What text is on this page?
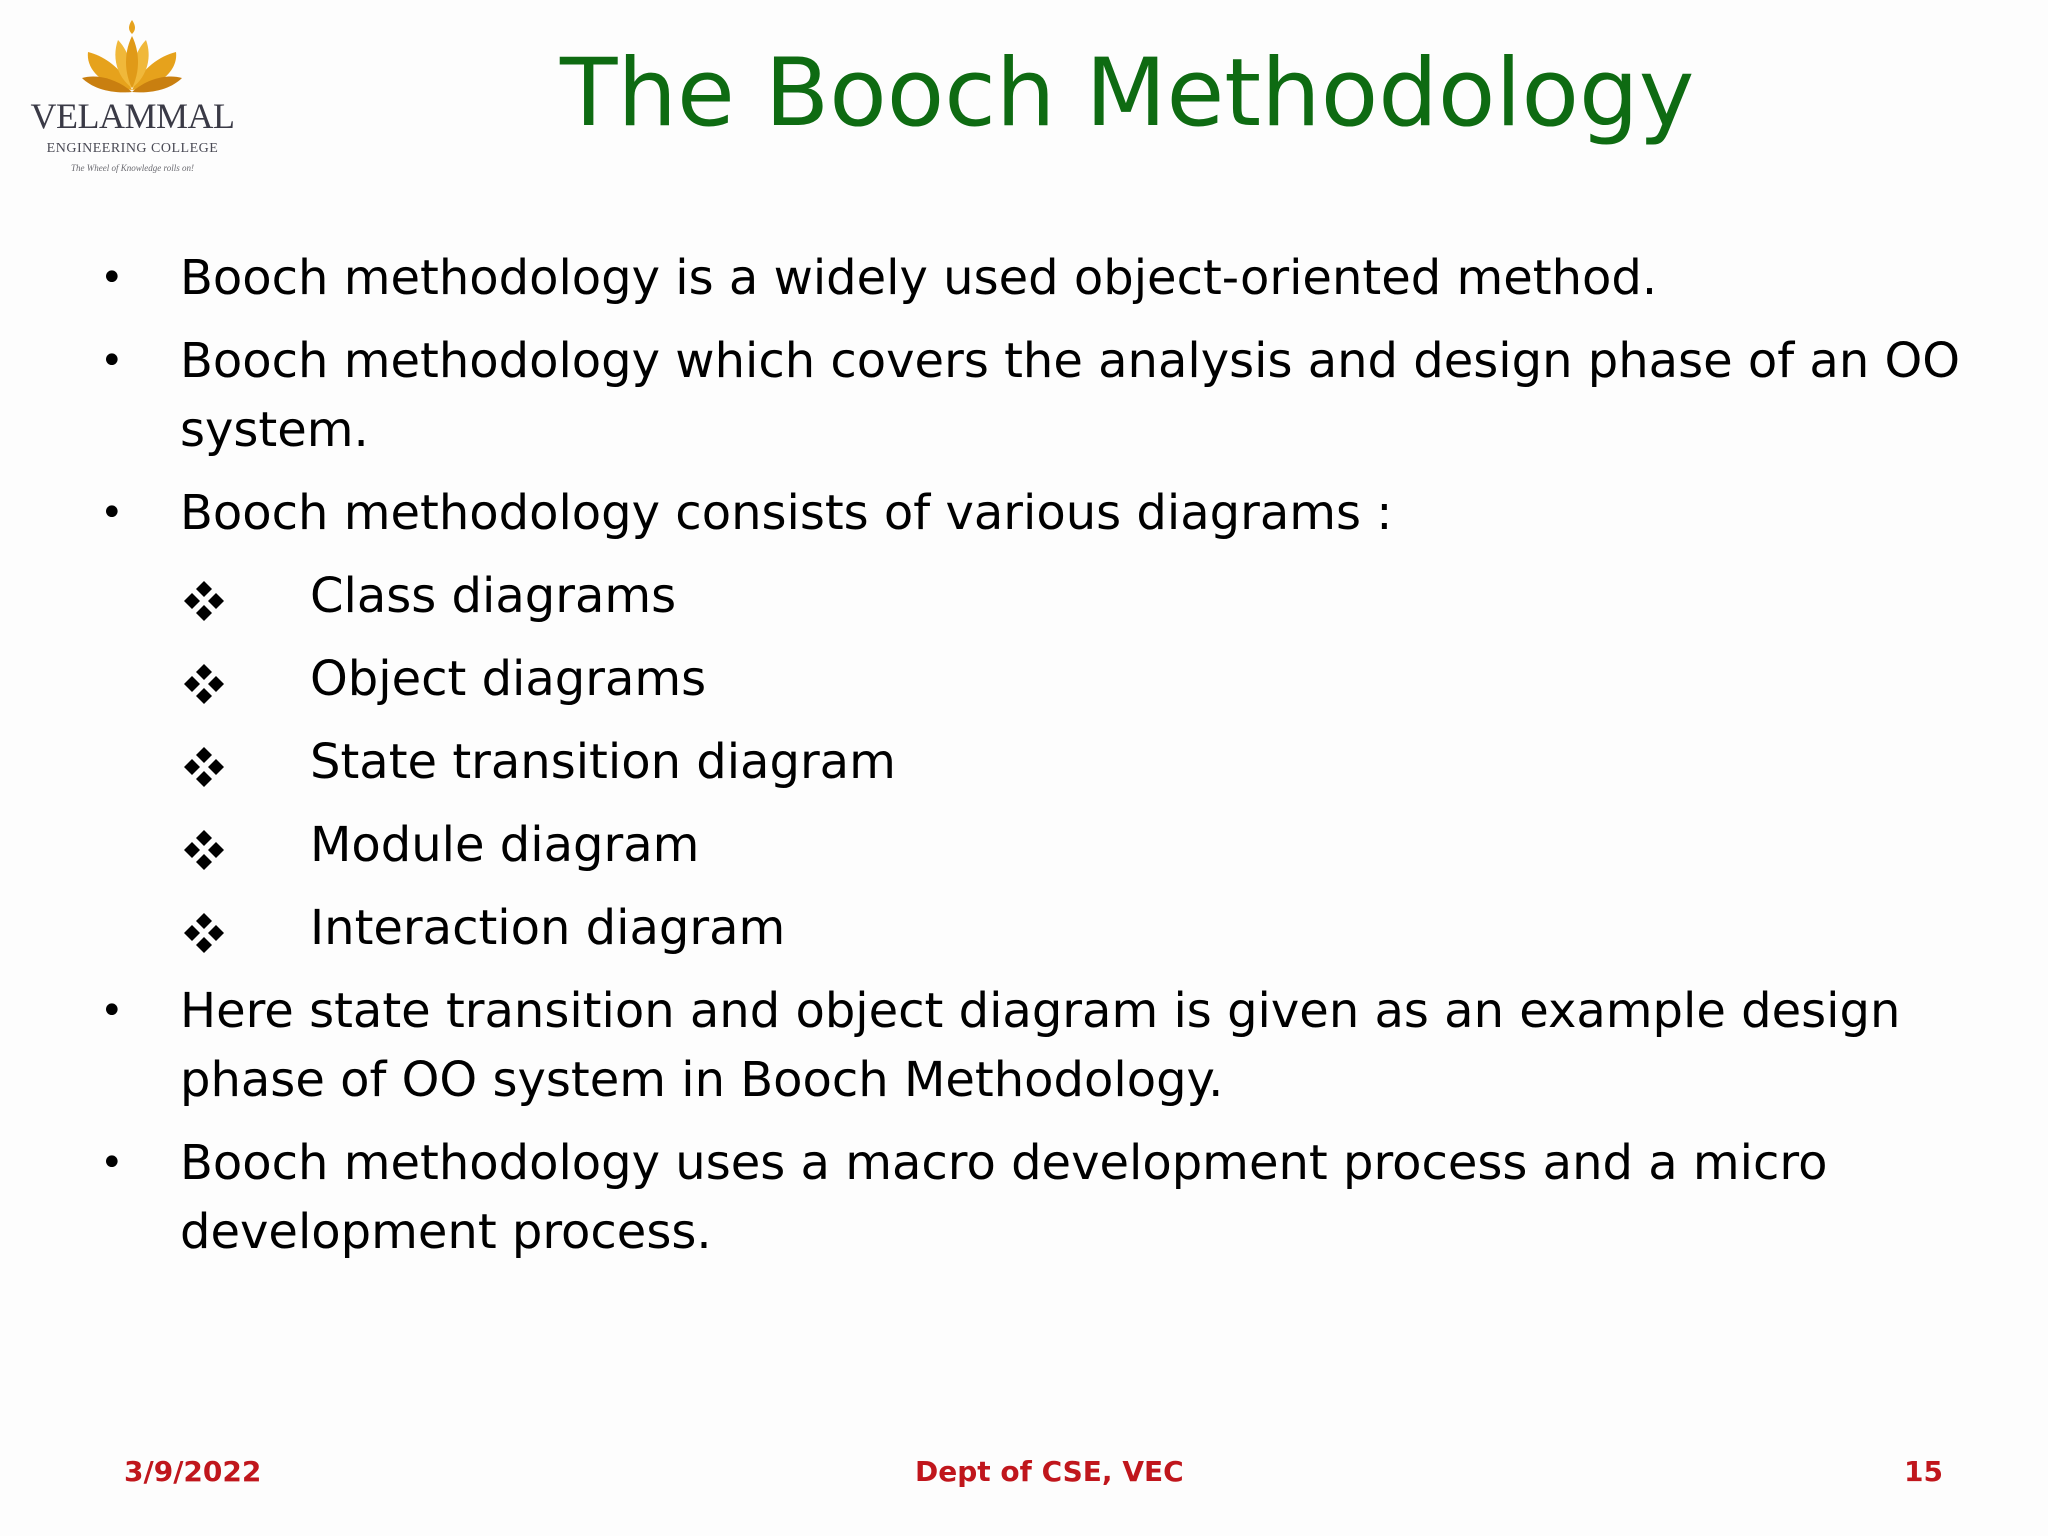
VELAMMAL
ENGINEERING COLLEGE
The Wheel of Knowledge rolls on!
The Booch Methodology
•	Booch methodology is a widely used object-oriented method.
•	Booch methodology which covers the analysis and design phase of an OO system.
•	Booch methodology consists of various diagrams :
Class diagrams
Object diagrams
State transition diagram
Module diagram
Interaction diagram
•	Here state transition and object diagram is given as an example design phase of OO system in Booch Methodology.
•	Booch methodology uses a macro development process and a micro development process.
3/9/2022	Dept of CSE, VEC	15
